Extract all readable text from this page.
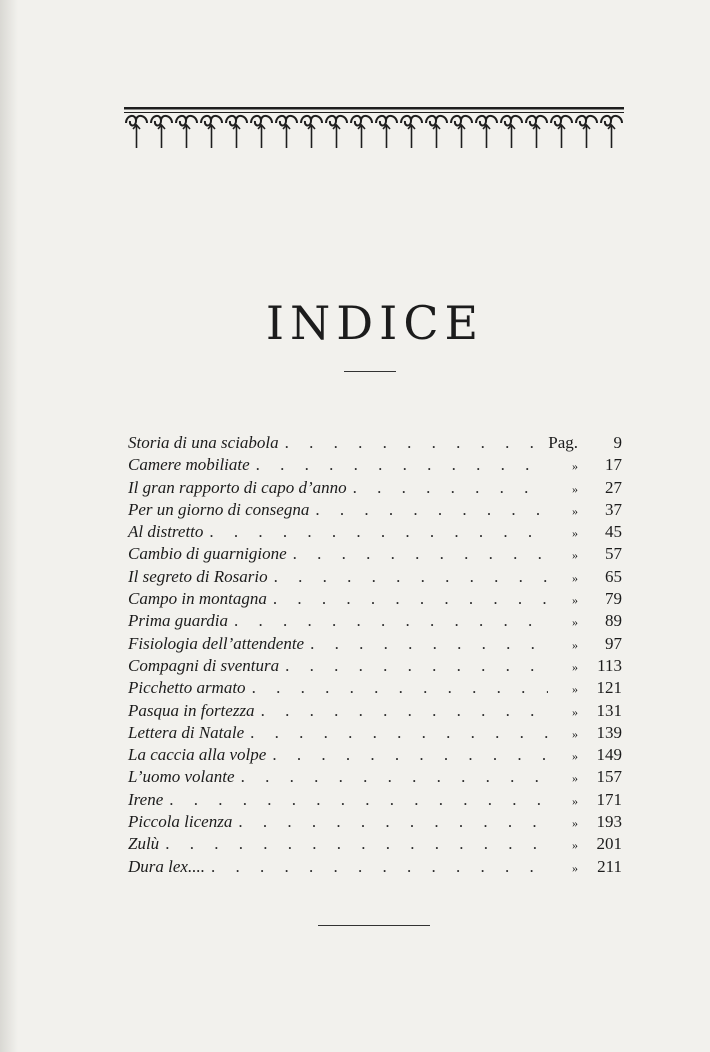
INDICE
Storia di una sciabola . . .	Pag.	9
Camere mobiliate . . .	»	17
Il gran rapporto di capo d’anno . . .	»	27
Per un giorno di consegna . . .	»	37
Al distretto . . .	»	45
Cambio di guarnigione . . .	»	57
Il segreto di Rosario . . .	»	65
Campo in montagna . . .	»	79
Prima guardia . . .	»	89
Fisiologia dell’attendente . . .	»	97
Compagni di sventura . . .	»	113
Picchetto armato . . .	»	121
Pasqua in fortezza . . .	»	131
Lettera di Natale . . .	»	139
La caccia alla volpe . . .	»	149
L’uomo volante . . .	»	157
Irene . . .	»	171
Piccola licenza . . .	»	193
Zulù . . .	»	201
Dura lex.... . . .	»	211
